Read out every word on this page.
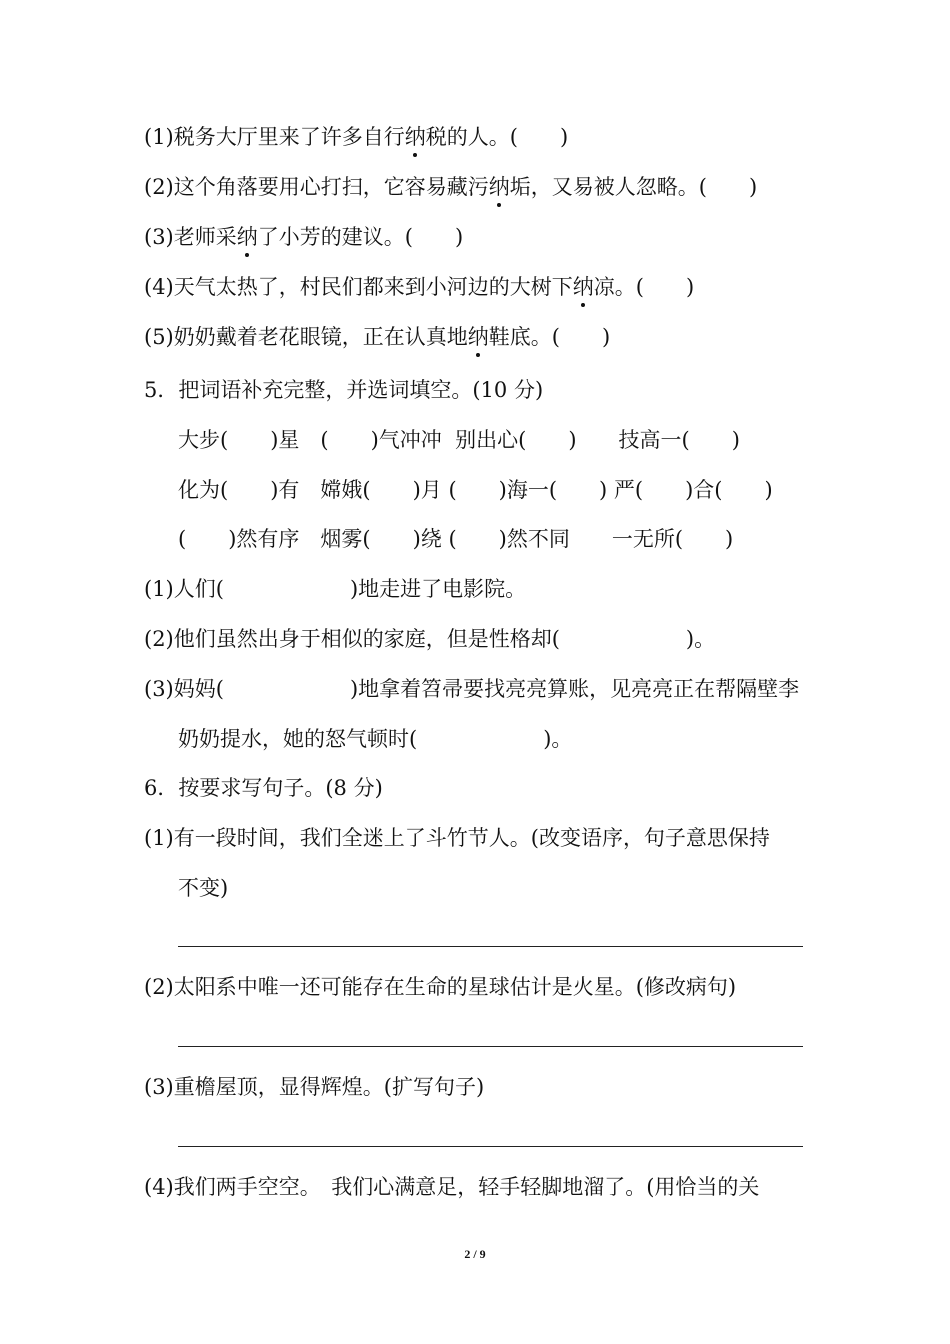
(1)税务大厅里来了许多自行纳税的人。(　　)
(2)这个角落要用心打扫，它容易藏污纳垢，又易被人忽略。(　　)
(3)老师采纳了小芳的建议。(　　)
(4)天气太热了，村民们都来到小河边的大树下纳凉。(　　)
(5)奶奶戴着老花眼镜，正在认真地纳鞋底。(　　)
5．把词语补充完整，并选词填空。(10 分)
大步(　　)星　(　　)气冲冲  别出心(　　)　　技高一(　　)
化为(　　)有　嫦娥(　　)月 (　　)海一(　　) 严(　　)合(　　)
(　　)然有序　烟雾(　　)绕 (　　)然不同　　一无所(　　)
(1)人们(　　　　　　)地走进了电影院。
(2)他们虽然出身于相似的家庭，但是性格却(　　　　　　)。
(3)妈妈(　　　　　　)地拿着笤帚要找亮亮算账，见亮亮正在帮隔壁李
奶奶提水，她的怒气顿时(　　　　　　)。
6．按要求写句子。(8 分)
(1)有一段时间，我们全迷上了斗竹节人。(改变语序，句子意思保持
不变)
(2)太阳系中唯一还可能存在生命的星球估计是火星。(修改病句)
(3)重檐屋顶，显得辉煌。(扩写句子)
(4)我们两手空空。　我们心满意足，轻手轻脚地溜了。(用恰当的关
2 / 9
